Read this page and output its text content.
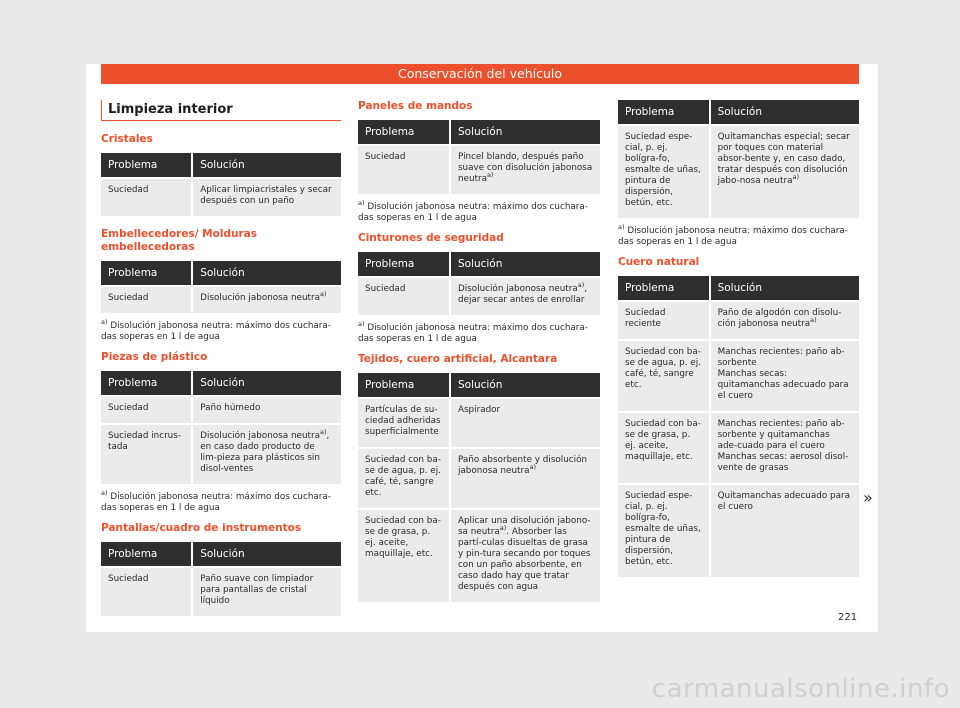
Conservación del vehículo
Limpieza interior
Cristales
Problema	Solución
Suciedad	Aplicar limpiacristales y secar después con un paño
Embellecedores/ Molduras embellecedoras
Problema	Solución
Suciedad	Disolución jabonosa neutra$^{a)}$
$^{a)}$ Disolución jabonosa neutra: máximo dos cuchara-das soperas en 1 l de agua
Piezas de plástico
Problema	Solución
Suciedad	Paño húmedo
Suciedad incrus-tada	Disolución jabonosa neutra$^{a)}$, en caso dado producto de lim-pieza para plásticos sin disol-ventes
$^{a)}$ Disolución jabonosa neutra: máximo dos cuchara-das soperas en 1 l de agua
Pantallas/cuadro de instrumentos
Problema	Solución
Suciedad	Paño suave con limpiador para pantallas de cristal líquido
Paneles de mandos
Problema	Solución
Suciedad	Pincel blando, después paño suave con disolución jabonosa neutra$^{a)}$
$^{a)}$ Disolución jabonosa neutra: máximo dos cuchara-das soperas en 1 l de agua
Cinturones de seguridad
Problema	Solución
Suciedad	Disolución jabonosa neutra$^{a)}$, dejar secar antes de enrollar
$^{a)}$ Disolución jabonosa neutra: máximo dos cuchara-das soperas en 1 l de agua
Tejidos, cuero artificial, Alcantara
Problema	Solución
Partículas de su-ciedad adheridas superficialmente	Aspirador
Suciedad con ba-se de agua, p. ej. café, té, sangre etc.	Paño absorbente y disolución jabonosa neutra$^{a)}$
Suciedad con ba-se de grasa, p. ej. aceite, maquillaje, etc.	Aplicar una disolución jabono-sa neutra$^{a)}$. Absorber las partí-culas disueltas de grasa y pin-tura secando por toques con un paño absorbente, en caso dado hay que tratar después con agua
Problema	Solución
Suciedad espe-cial, p. ej. bolígra-fo, esmalte de uñas, pintura de dispersión, betún, etc.	Quitamanchas especial; secar por toques con material absor-bente y, en caso dado, tratar después con disolución jabo-nosa neutra$^{a)}$
$^{a)}$ Disolución jabonosa neutra: máximo dos cuchara-das soperas en 1 l de agua
Cuero natural
Problema	Solución
Suciedad reciente	Paño de algodón con disolu-ción jabonosa neutra$^{a)}$
Suciedad con ba-se de agua, p. ej. café, té, sangre etc.	Manchas recientes: paño ab-sorbente
Manchas secas: quitamanchas adecuado para el cuero

Suciedad con ba-se de grasa, p. ej. aceite, maquillaje, etc.	Manchas recientes: paño ab-sorbente y quitamanchas ade-cuado para el cuero
Manchas secas: aerosol disol-vente de grasas

Suciedad espe-cial, p. ej. bolígra-fo, esmalte de uñas, pintura de dispersión, betún, etc.	Quitamanchas adecuado para el cuero	»
221
carmanualsonline.info
